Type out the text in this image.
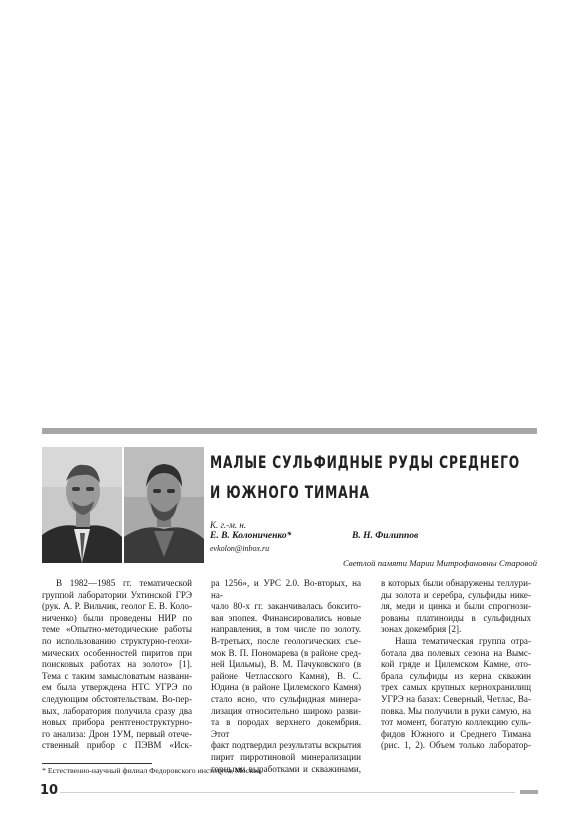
МАЛЫЕ СУЛЬФИДНЫЕ РУДЫ СРЕДНЕГО
И ЮЖНОГО ТИМАНА
К. г.-м. н.
Е. В. Колониченко*
evkolon@inbox.ru
В. Н. Филиппов
Светлой памяти Марии Митрофановны Старовой

В 1982—1985 гг. тематической

группой лаборатории Ухтинской ГРЭ

(рук. А. Р. Вильчик, геолог Е. В. Коло-

ниченко) были проведены НИР по

теме «Опытно-методические работы

по использованию структурно-геохи-

мических особенностей пиритов при

поисковых работах на золото» [1].

Тема с таким замысловатым названи-

ем была утверждена НТС УГРЭ по

следующим обстоятельствам. Во-пер-

вых, лаборатория получила сразу два

новых прибора рентгеноструктурно-

го анализа: Дрон 1УМ, первый отече-

ственный прибор с ПЭВМ «Иск-

ра 1256», и УРС 2.0. Во-вторых, на на-

чало 80-х гг. заканчивалась боксито-

вая эпопея. Финансировались новые

направления, в том числе по золоту.

В-третьих, после геологических съе-

мок В. П. Пономарева (в районе сред-

ней Цильмы), В. М. Пачуковского (в

районе Четласского Камня), В. С.

Юдина (в районе Цилемского Камня)

стало ясно, что сульфидная минера-

лизация относительно широко разви-

та в породах верхнего докембрия. Этот

факт подтвердил результаты вскрытия

пирит пирротиновой минерализации

горными выработками и скважинами,

в которых были обнаружены теллури-

ды золота и серебра, сульфиды нике-

ля, меди и цинка и были спрогнози-

рованы платиноиды в сульфидных

зонах докембрия [2].

Наша тематическая группа отра-

ботала два полевых сезона на Вымс-

кой гряде и Цилемском Камне, ото-

брала сульфиды из керна скважин

трех самых крупных кернохранилищ

УГРЭ на базах: Северный, Четлас, Ва-

повка. Мы получили в руки самую, на

тот момент, богатую коллекцию суль-

фидов Южного и Среднего Тимана

(рис. 1, 2). Объем только лаборатор-

* Естественно-научный филиал Федоровского института, Москва.
10
